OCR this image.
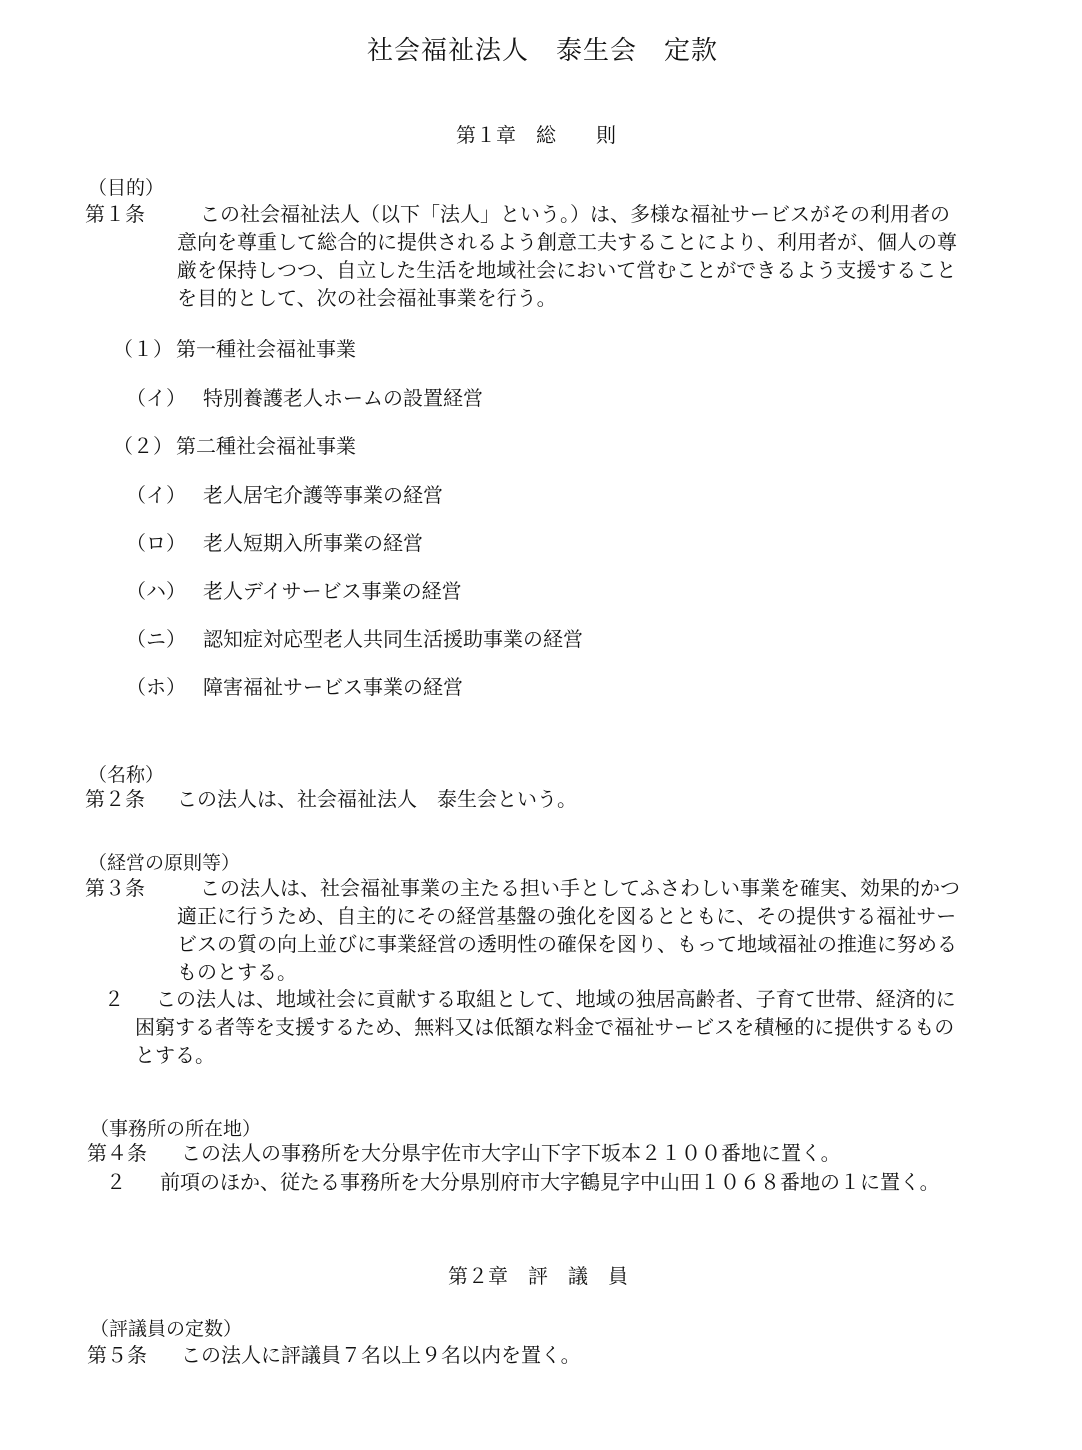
社会福祉法人　泰生会　定款
第１章　総　　則
（目的）
第１条	この社会福祉法人（以下「法人」という。）は、多様な福祉サービスがその利用者の
意向を尊重して総合的に提供されるよう創意工夫することにより、利用者が、個人の尊
厳を保持しつつ、自立した生活を地域社会において営むことができるよう支援すること
を目的として、次の社会福祉事業を行う。
（１） 第一種社会福祉事業
（イ） 特別養護老人ホームの設置経営
（２） 第二種社会福祉事業
（イ） 老人居宅介護等事業の経営
（ロ） 老人短期入所事業の経営
（ハ） 老人デイサービス事業の経営
（ニ） 認知症対応型老人共同生活援助事業の経営
（ホ） 障害福祉サービス事業の経営
（名称）
第２条 この法人は、社会福祉法人　泰生会という。
（経営の原則等）
第３条	この法人は、社会福祉事業の主たる担い手としてふさわしい事業を確実、効果的かつ
適正に行うため、自主的にその経営基盤の強化を図るとともに、その提供する福祉サー
ビスの質の向上並びに事業経営の透明性の確保を図り、もって地域福祉の推進に努める
ものとする。
２ この法人は、地域社会に貢献する取組として、地域の独居高齢者、子育て世帯、経済的に
困窮する者等を支援するため、無料又は低額な料金で福祉サービスを積極的に提供するもの
とする。
（事務所の所在地）
第４条 この法人の事務所を大分県宇佐市大字山下字下坂本２１００番地に置く。
２ 前項のほか、従たる事務所を大分県別府市大字鶴見字中山田１０６８番地の１に置く。
第２章　評　議　員
（評議員の定数）
第５条 この法人に評議員７名以上９名以内を置く。
